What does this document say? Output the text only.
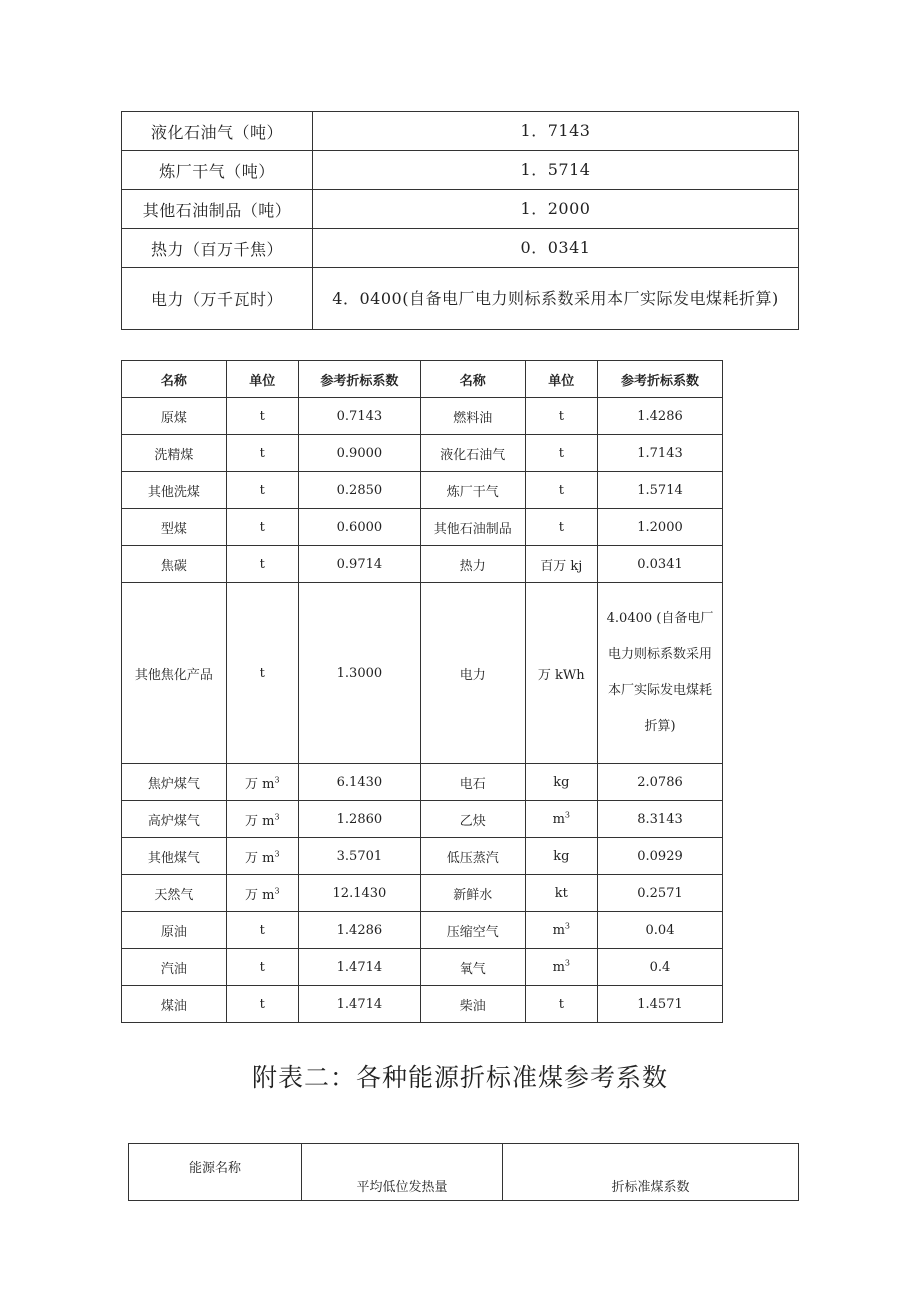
液化石油气（吨）	1．7143
炼厂干气（吨）	1．5714
其他石油制品（吨）	1．2000
热力（百万千焦）	0．0341
电力（万千瓦时）	4．0400(自备电厂电力则标系数采用本厂实际发电煤耗折算)
名称	单位	参考折标系数	名称	单位	参考折标系数
原煤	t	0.7143	燃料油	t	1.4286
洗精煤	t	0.9000	液化石油气	t	1.7143
其他洗煤	t	0.2850	炼厂干气	t	1.5714
型煤	t	0.6000	其他石油制品	t	1.2000
焦碳	t	0.9714	热力	百万 kj	0.0341
其他焦化产品	t	1.3000	电力	万 kWh	4.0400 (自备电厂电力则标系数采用本厂实际发电煤耗折算)
焦炉煤气	万 $m^3$	6.1430	电石	kg	2.0786
高炉煤气	万 $m^3$	1.2860	乙炔	$m^3$	8.3143
其他煤气	万 $m^3$	3.5701	低压蒸汽	kg	0.0929
天然气	万 $m^3$	12.1430	新鲜水	kt	0.2571
原油	t	1.4286	压缩空气	$m^3$	0.04
汽油	t	1.4714	氧气	$m^3$	0.4
煤油	t	1.4714	柴油	t	1.4571
附表二：各种能源折标准煤参考系数
能源名称	平均低位发热量	折标准煤系数
